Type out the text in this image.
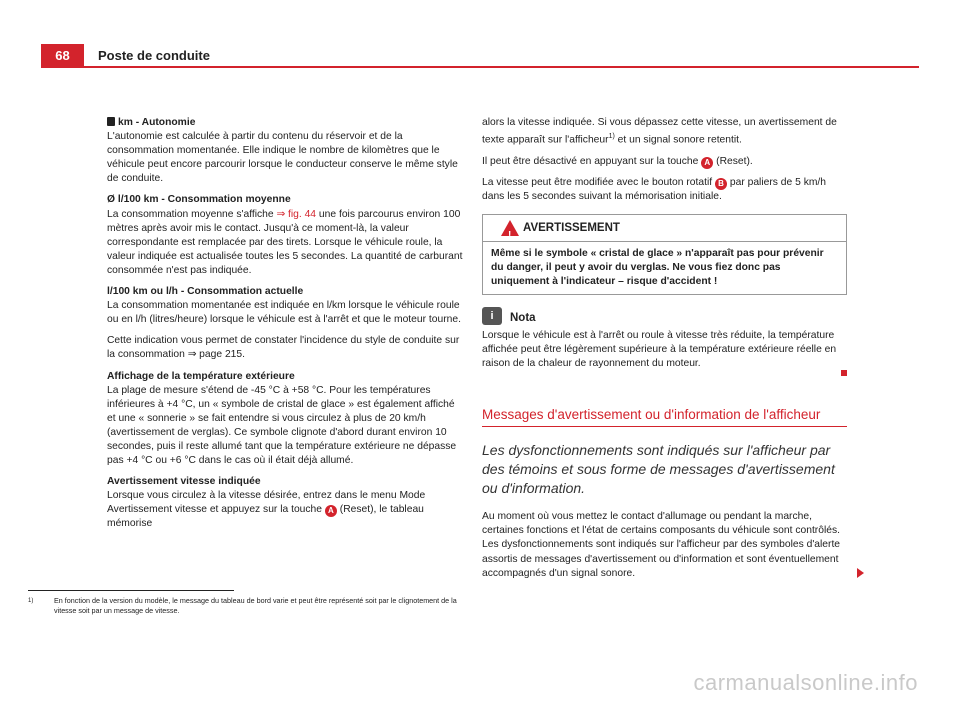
68	Poste de conduite
km - Autonomie

L'autonomie est calculée à partir du contenu du réservoir et de la consommation momentanée. Elle indique le nombre de kilomètres que le véhicule peut encore parcourir lorsque le conducteur conserve le même style de conduite.

Ø l/100 km - Consommation moyenne

La consommation moyenne s'affiche ⇒ fig. 44 une fois parcourus environ 100 mètres après avoir mis le contact. Jusqu'à ce moment-là, la valeur correspondante est remplacée par des tirets. Lorsque le véhicule roule, la valeur indiquée est actualisée toutes les 5 secondes. La quantité de carburant consommée n'est pas indiquée.

l/100 km ou l/h - Consommation actuelle

La consommation momentanée est indiquée en l/km lorsque le véhicule roule ou en l/h (litres/heure) lorsque le véhicule est à l'arrêt et que le moteur tourne.

Cette indication vous permet de constater l'incidence du style de conduite sur la consommation ⇒ page 215.

Affichage de la température extérieure

La plage de mesure s'étend de -45 °C à +58 °C. Pour les températures inférieures à +4 °C, un « symbole de cristal de glace » est également affiché et une « sonnerie » se fait entendre si vous circulez à plus de 20 km/h (avertissement de verglas). Ce symbole clignote d'abord durant environ 10 secondes, puis il reste allumé tant que la température extérieure ne dépasse pas +4 °C ou +6 °C dans le cas où il était déjà allumé.

Avertissement vitesse indiquée

Lorsque vous circulez à la vitesse désirée, entrez dans le menu Mode Avertissement vitesse et appuyez sur la touche A (Reset), le tableau mémorise

alors la vitesse indiquée. Si vous dépassez cette vitesse, un avertissement de texte apparaît sur l'afficheur$^{1)}$ et un signal sonore retentit.

Il peut être désactivé en appuyant sur la touche A (Reset).

La vitesse peut être modifiée avec le bouton rotatif B par paliers de 5 km/h dans les 5 secondes suivant la mémorisation initiale.

!
AVERTISSEMENT
Même si le symbole « cristal de glace » n'apparaît pas pour prévenir du danger, il peut y avoir du verglas. Ne vous fiez donc pas uniquement à l'indicateur – risque d'accident !
i	Nota

Lorsque le véhicule est à l'arrêt ou roule à vitesse très réduite, la température affichée peut être légèrement supérieure à la température extérieure réelle en raison de la chaleur de rayonnement du moteur.

Messages d'avertissement ou d'information de l'afficheur
Les dysfonctionnements sont indiqués sur l'afficheur par des témoins et sous forme de messages d'avertissement ou d'information.

Au moment où vous mettez le contact d'allumage ou pendant la marche, certaines fonctions et l'état de certains composants du véhicule sont contrôlés. Les dysfonctionnements sont indiqués sur l'afficheur par des symboles d'alerte assortis de messages d'avertissement ou d'information et sont éventuellement accompagnés d'un signal sonore.

1)	En fonction de la version du modèle, le message du tableau de bord varie et peut être représenté soit par le clignotement de la vitesse soit par un message de vitesse.
carmanualsonline.info
